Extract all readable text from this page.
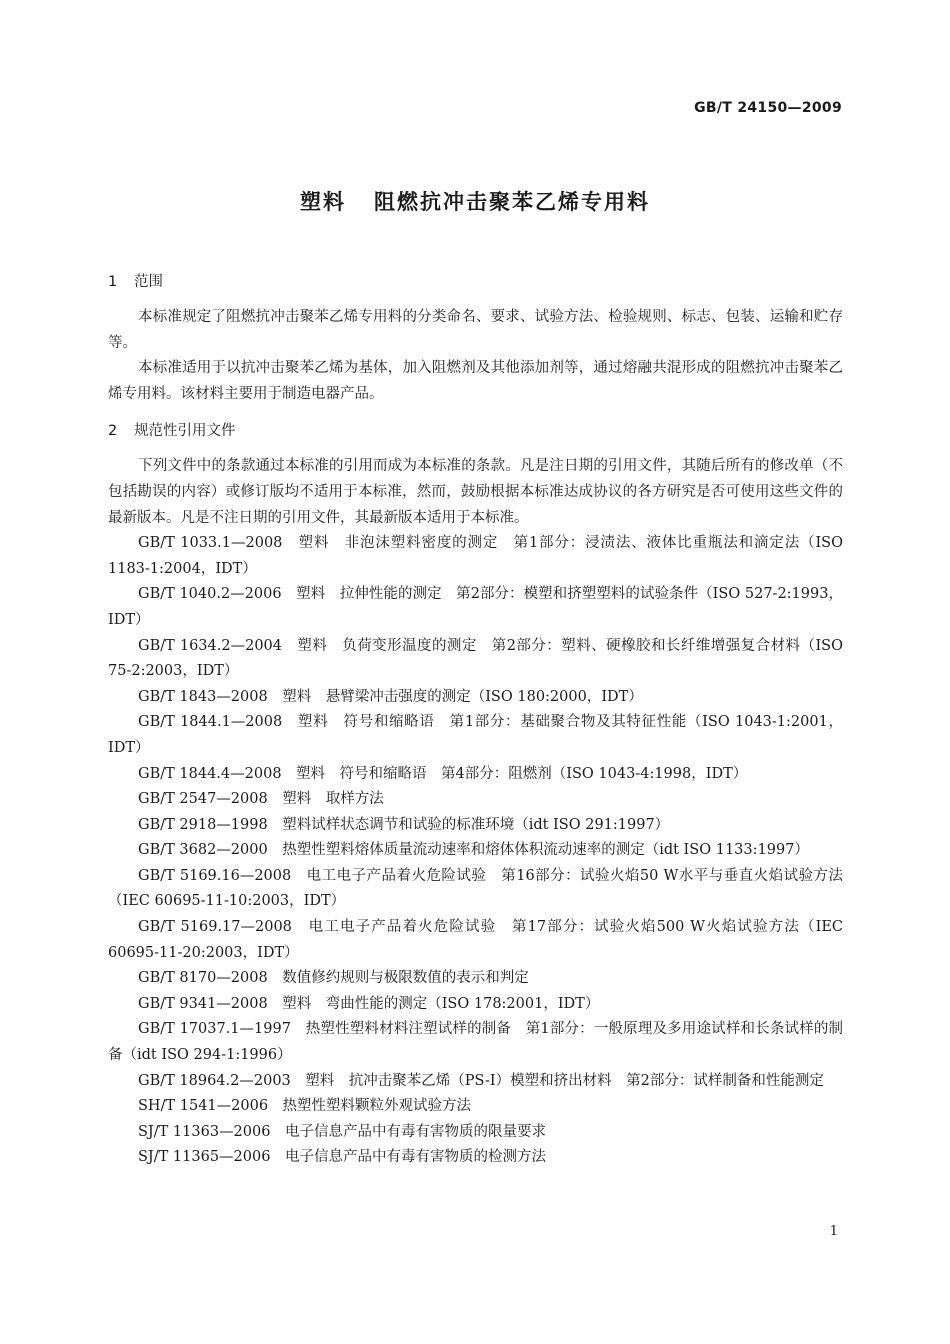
GB/T 24150—2009
塑料 阻燃抗冲击聚苯乙烯专用料
1 范围

本标准规定了阻燃抗冲击聚苯乙烯专用料的分类命名、要求、试验方法、检验规则、标志、包装、运输和贮存等。

本标准适用于以抗冲击聚苯乙烯为基体，加入阻燃剂及其他添加剂等，通过熔融共混形成的阻燃抗冲击聚苯乙烯专用料。该材料主要用于制造电器产品。

2 规范性引用文件

下列文件中的条款通过本标准的引用而成为本标准的条款。凡是注日期的引用文件，其随后所有的修改单（不包括勘误的内容）或修订版均不适用于本标准，然而，鼓励根据本标准达成协议的各方研究是否可使用这些文件的最新版本。凡是不注日期的引用文件，其最新版本适用于本标准。

GB/T 1033.1—2008　塑料　非泡沫塑料密度的测定　第1部分：浸渍法、液体比重瓶法和滴定法（ISO 1183-1:2004，IDT）

GB/T 1040.2—2006　塑料　拉伸性能的测定　第2部分：模塑和挤塑塑料的试验条件（ISO 527-2:1993，IDT）

GB/T 1634.2—2004　塑料　负荷变形温度的测定　第2部分：塑料、硬橡胶和长纤维增强复合材料（ISO 75-2:2003，IDT）

GB/T 1843—2008　塑料　悬臂梁冲击强度的测定（ISO 180:2000，IDT）

GB/T 1844.1—2008　塑料　符号和缩略语　第1部分：基础聚合物及其特征性能（ISO 1043-1:2001，IDT）

GB/T 1844.4—2008　塑料　符号和缩略语　第4部分：阻燃剂（ISO 1043-4:1998，IDT）

GB/T 2547—2008　塑料　取样方法

GB/T 2918—1998　塑料试样状态调节和试验的标准环境（idt ISO 291:1997）

GB/T 3682—2000　热塑性塑料熔体质量流动速率和熔体体积流动速率的测定（idt ISO 1133:1997）

GB/T 5169.16—2008　电工电子产品着火危险试验　第16部分：试验火焰50 W水平与垂直火焰试验方法（IEC 60695-11-10:2003，IDT）

GB/T 5169.17—2008　电工电子产品着火危险试验　第17部分：试验火焰500 W火焰试验方法（IEC 60695-11-20:2003，IDT）

GB/T 8170—2008　数值修约规则与极限数值的表示和判定

GB/T 9341—2008　塑料　弯曲性能的测定（ISO 178:2001，IDT）

GB/T 17037.1—1997　热塑性塑料材料注塑试样的制备　第1部分：一般原理及多用途试样和长条试样的制备（idt ISO 294-1:1996）

GB/T 18964.2—2003　塑料　抗冲击聚苯乙烯（PS-I）模塑和挤出材料　第2部分：试样制备和性能测定

SH/T 1541—2006　热塑性塑料颗粒外观试验方法

SJ/T 11363—2006　电子信息产品中有毒有害物质的限量要求

SJ/T 11365—2006　电子信息产品中有毒有害物质的检测方法

1
